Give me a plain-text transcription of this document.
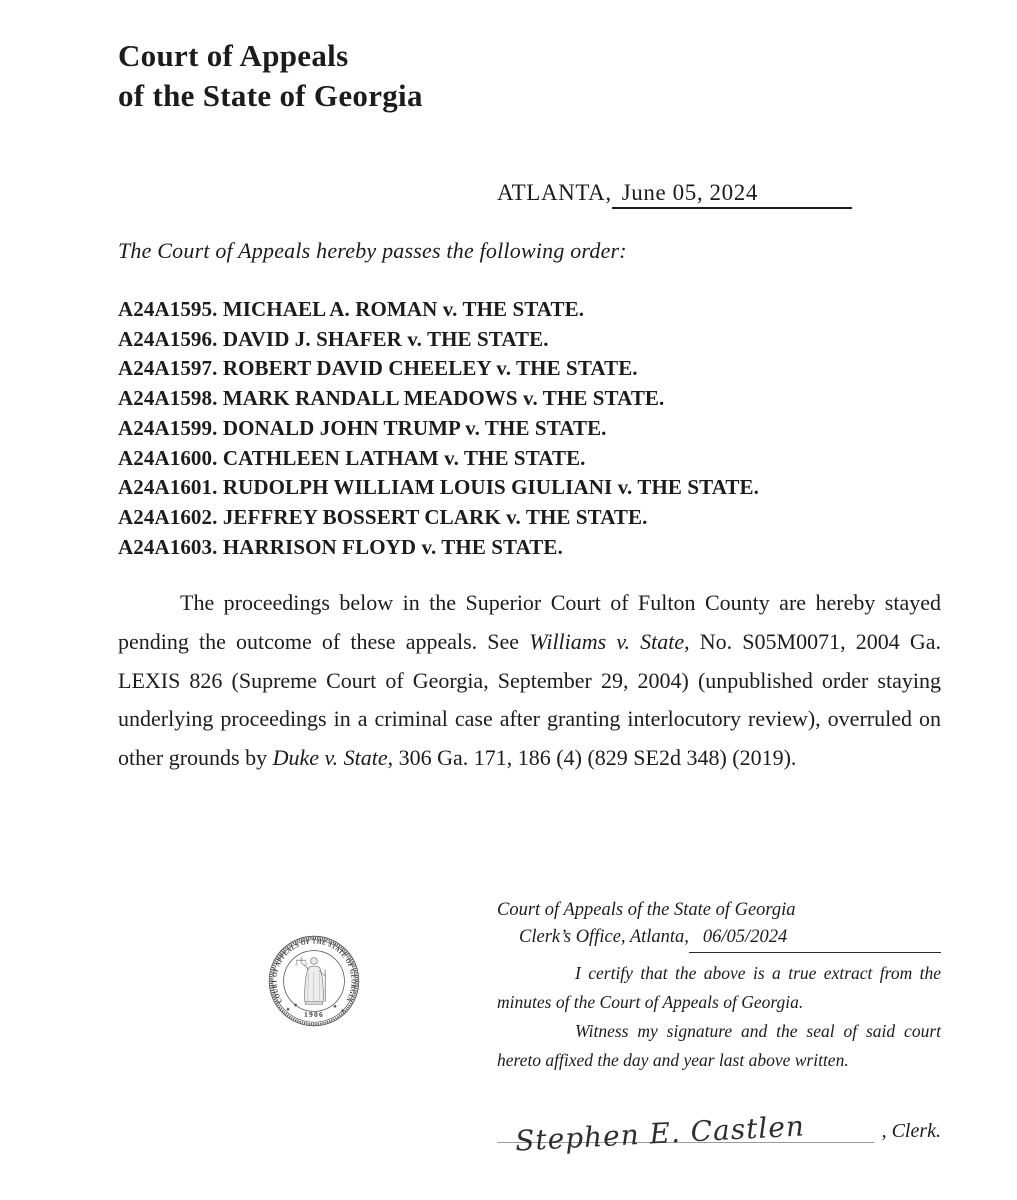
Court of Appeals
of the State of Georgia
ATLANTA, June 05, 2024
The Court of Appeals hereby passes the following order:
A24A1595. MICHAEL A. ROMAN v. THE STATE.
A24A1596. DAVID J. SHAFER v. THE STATE.
A24A1597. ROBERT DAVID CHEELEY v. THE STATE.
A24A1598. MARK RANDALL MEADOWS v. THE STATE.
A24A1599. DONALD JOHN TRUMP v. THE STATE.
A24A1600. CATHLEEN LATHAM v. THE STATE.
A24A1601. RUDOLPH WILLIAM LOUIS GIULIANI v. THE STATE.
A24A1602. JEFFREY BOSSERT CLARK v. THE STATE.
A24A1603. HARRISON FLOYD v. THE STATE.

The proceedings below in the Superior Court of Fulton County are hereby stayed pending the outcome of these appeals. See Williams v. State, No. S05M0071, 2004 Ga. LEXIS 826 (Supreme Court of Georgia, September 29, 2004) (unpublished order staying underlying proceedings in a criminal case after granting interlocutory review), overruled on other grounds by Duke v. State, 306 Ga. 171, 186 (4) (829 SE2d 348) (2019).

COURT OF APPEALS OF THE STATE OF GEORGIA
★ ★	★ ★
1906
Court of Appeals of the State of Georgia
Clerk’s Office, Atlanta, 06/05/2024

I certify that the above is a true extract from the minutes of the Court of Appeals of Georgia.

Witness my signature and the seal of said court hereto affixed the day and year last above written.

Stephen E. Castlen	, Clerk.
